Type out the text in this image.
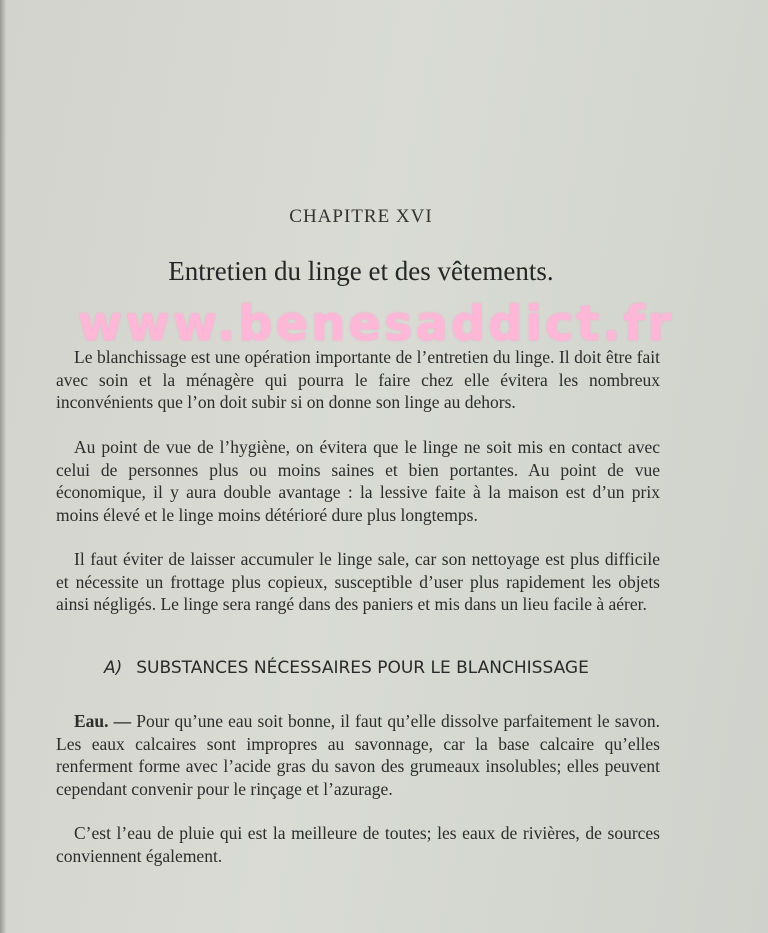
CHAPITRE XVI
Entretien du linge et des vêtements.
www.benesaddict.fr

Le blanchissage est une opération importante de l’entretien du linge. Il doit être fait avec soin et la ménagère qui pourra le faire chez elle évitera les nombreux inconvénients que l’on doit subir si on donne son linge au dehors.

Au point de vue de l’hygiène, on évitera que le linge ne soit mis en contact avec celui de personnes plus ou moins saines et bien portantes. Au point de vue économique, il y aura double avantage : la lessive faite à la maison est d’un prix moins élevé et le linge moins détérioré dure plus longtemps.

Il faut éviter de laisser accumuler le linge sale, car son nettoyage est plus difficile et nécessite un frottage plus copieux, susceptible d’user plus rapidement les objets ainsi négligés. Le linge sera rangé dans des paniers et mis dans un lieu facile à aérer.

A) SUBSTANCES NÉCESSAIRES POUR LE BLANCHISSAGE

Eau. — Pour qu’une eau soit bonne, il faut qu’elle dissolve parfaitement le savon. Les eaux calcaires sont impropres au savonnage, car la base calcaire qu’elles renferment forme avec l’acide gras du savon des grumeaux insolubles; elles peuvent cependant convenir pour le rinçage et l’azurage.

C’est l’eau de pluie qui est la meilleure de toutes; les eaux de rivières, de sources conviennent également.
